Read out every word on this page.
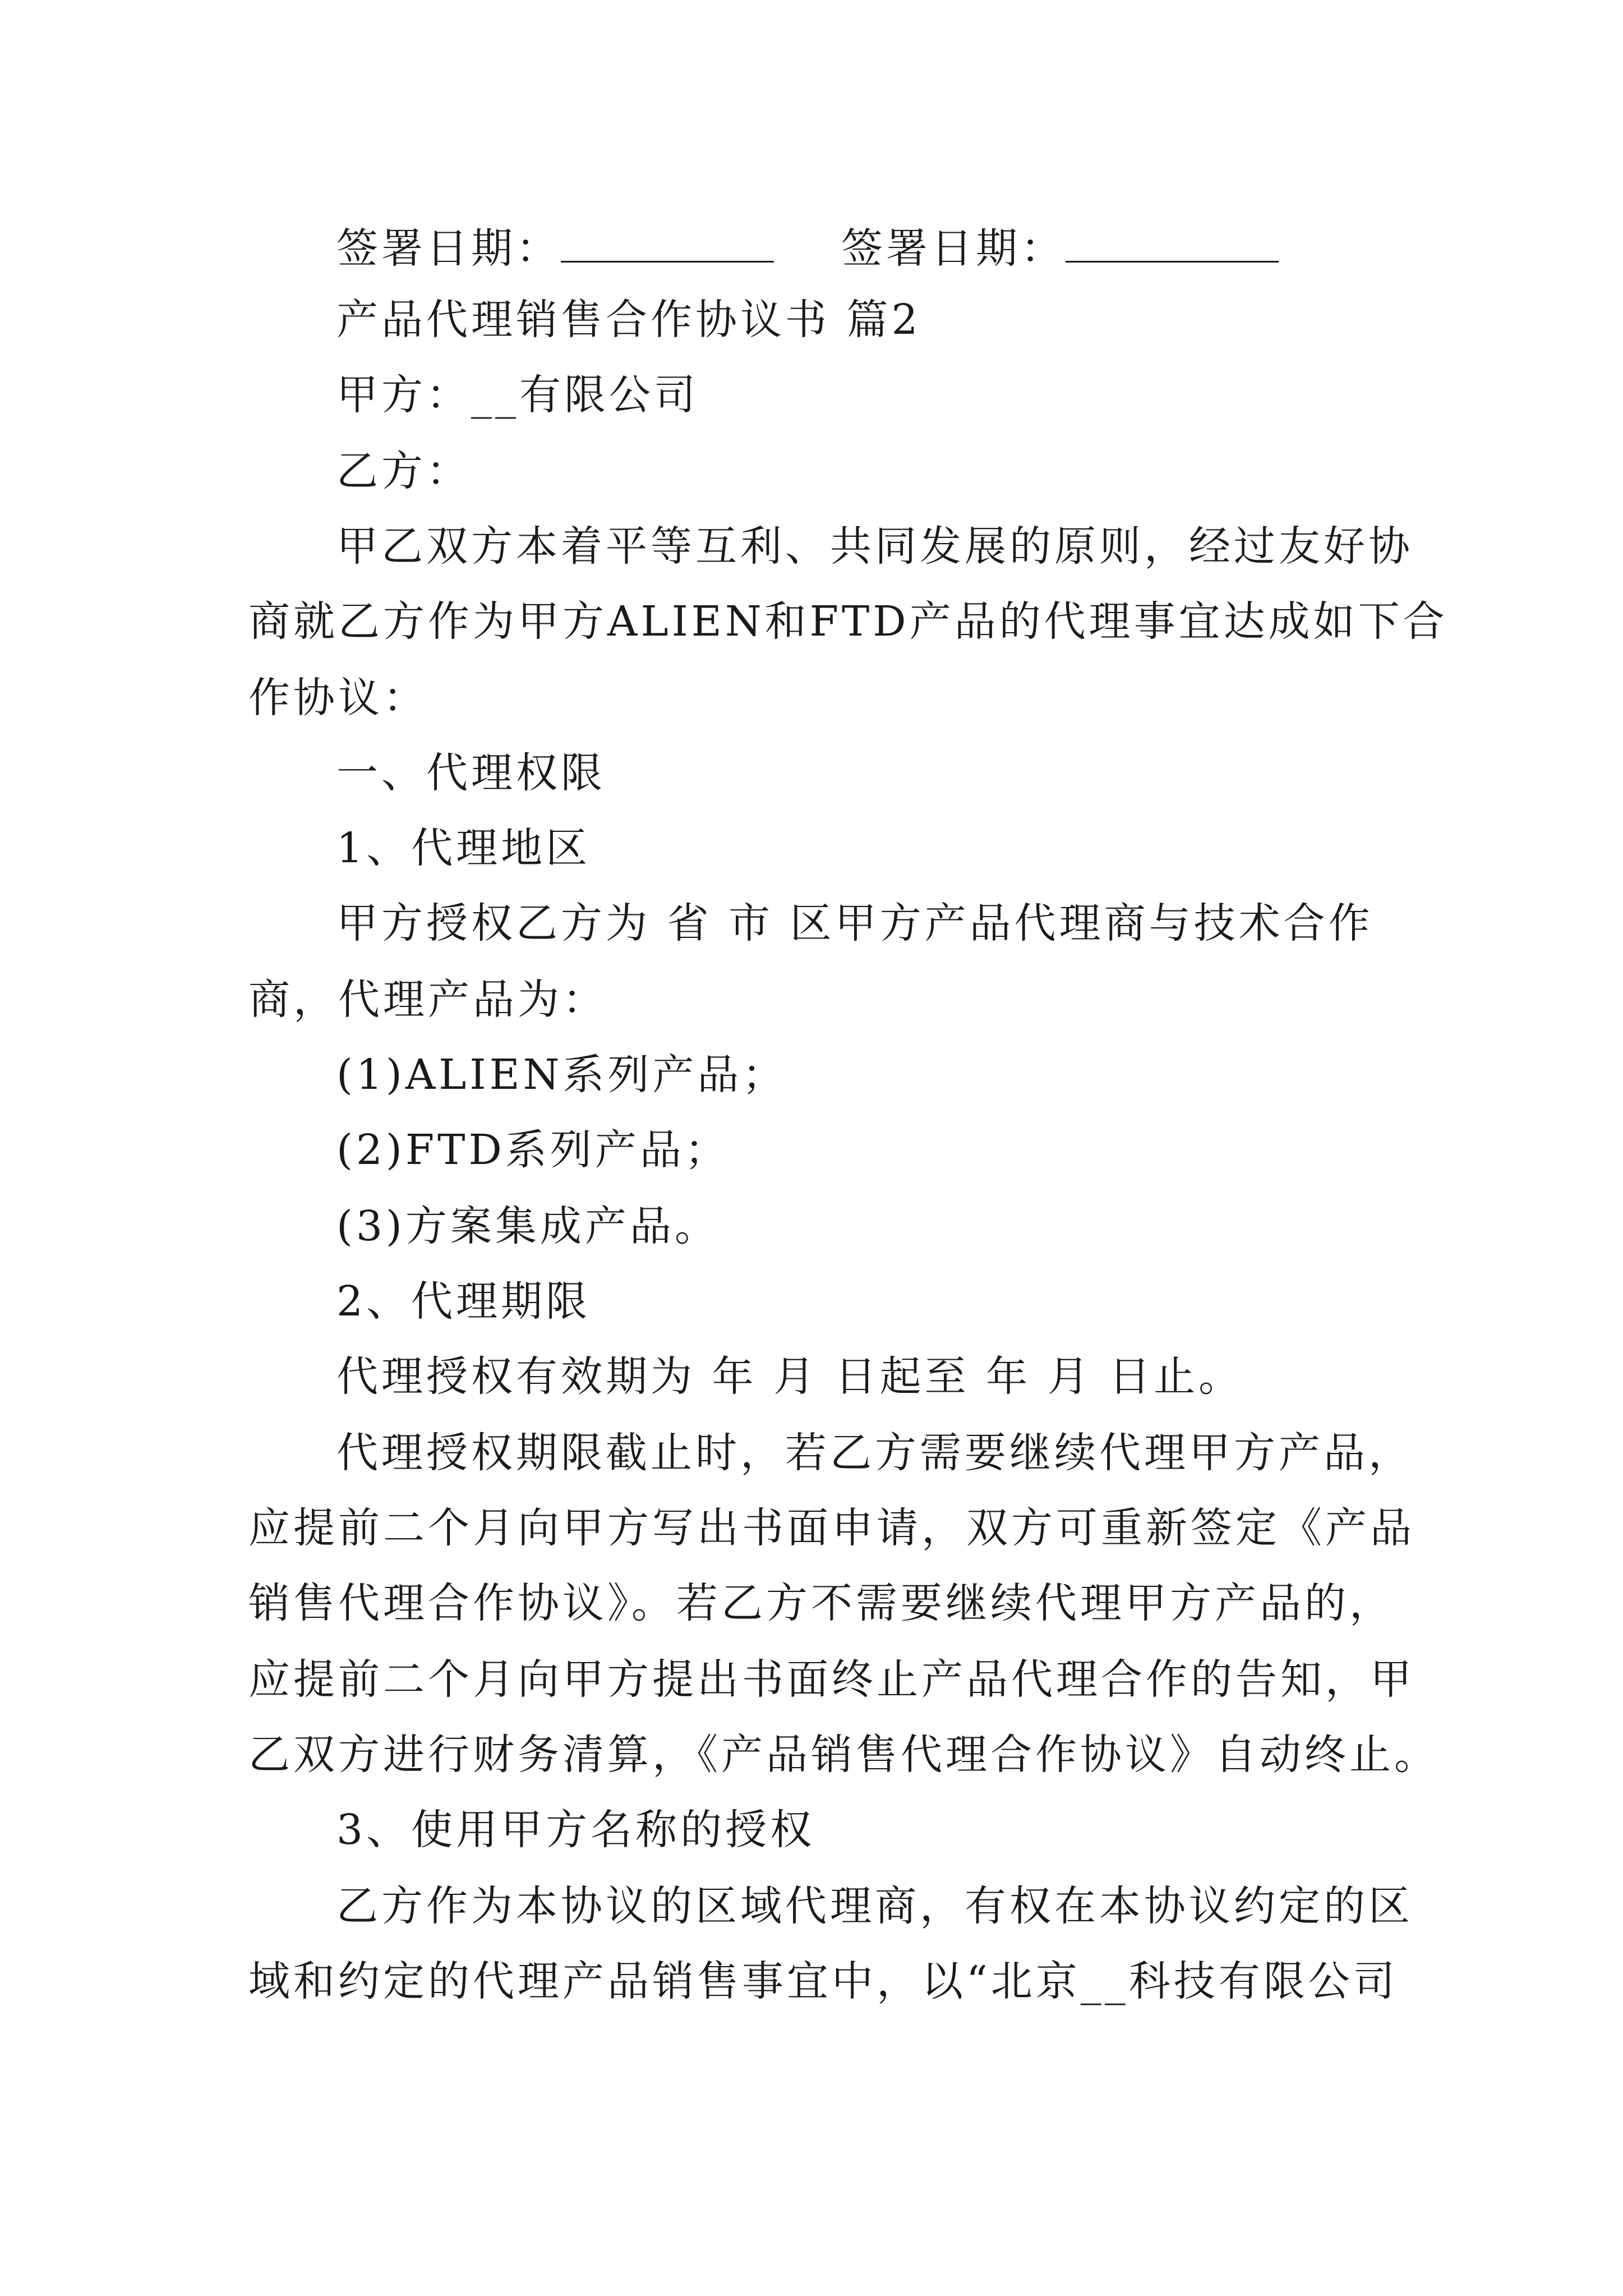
签署日期：	签署日期：
产品代理销售合作协议书 篇2
甲方：__有限公司
乙方：
甲乙双方本着平等互利、共同发展的原则，经过友好协
商就乙方作为甲方ALIEN和FTD产品的代理事宜达成如下合
作协议：
一、代理权限
1、代理地区
甲方授权乙方为 省 市 区甲方产品代理商与技术合作
商，代理产品为：
(1)ALIEN系列产品；
(2)FTD系列产品；
(3)方案集成产品。
2、代理期限
代理授权有效期为 年 月 日起至 年 月 日止。
代理授权期限截止时，若乙方需要继续代理甲方产品，
应提前二个月向甲方写出书面申请，双方可重新签定《产品
销售代理合作协议》。若乙方不需要继续代理甲方产品的，
应提前二个月向甲方提出书面终止产品代理合作的告知，甲
乙双方进行财务清算，《产品销售代理合作协议》自动终止。
3、使用甲方名称的授权
乙方作为本协议的区域代理商，有权在本协议约定的区
域和约定的代理产品销售事宜中，以“北京__科技有限公司
